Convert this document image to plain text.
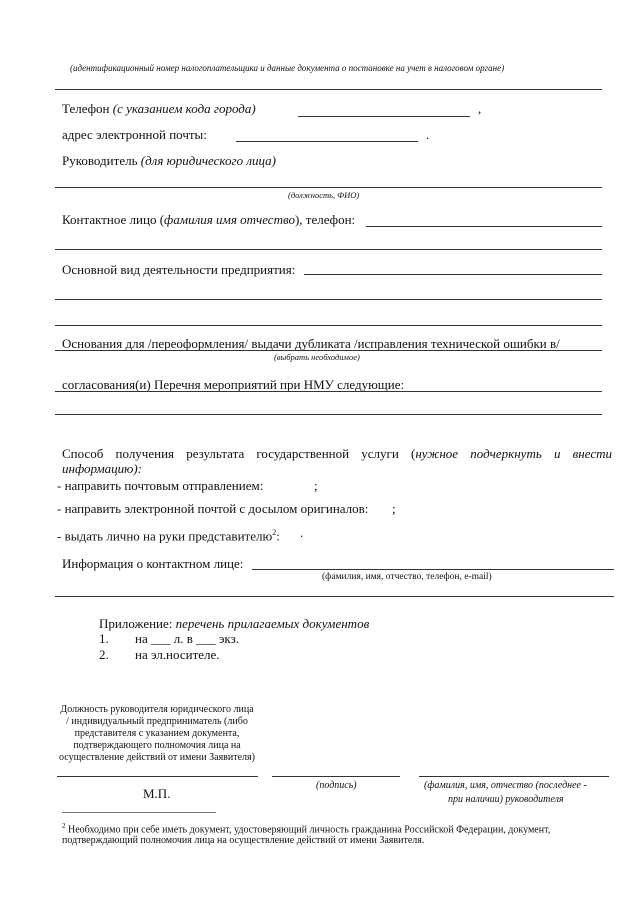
(идентификационный номер налогоплательщика и данные документа о постановке на учет в налоговом органе)
Телефон (с указанием кода города)	,
адрес электронной почты:	.
Руководитель (для юридического лица)
(должность, ФИО)
Контактное лицо (фамилия имя отчество), телефон:
Основной вид деятельности предприятия:
Основания для /переоформления/ выдачи дубликата /исправления технической ошибки в/
(выбрать необходимое)
согласования(и) Перечня мероприятий при НМУ следующие:
Способ получения результата государственной услуги (нужное подчеркнуть и внести
информацию):
- направить почтовым отправлением:	;
- направить электронной почтой с досылом оригиналов: ;
- выдать лично на руки представителю$^2$: .
Информация о контактном лице:
(фамилия, имя, отчество, телефон, e-mail)
Приложение: перечень прилагаемых документов
1. на ___ л. в ___ экз.
2. на эл.носителе.
Должность руководителя юридического лица / индивидуальный предприниматель (либо представителя с указанием документа, подтверждающего полномочия лица на осуществление действий от имени Заявителя)
М.П.
(подпись)	(фамилия, имя, отчество (последнее -
при наличии) руководителя
$^2$ Необходимо при себе иметь документ, удостоверяющий личность гражданина Российской Федерации, документ,
подтверждающий полномочия лица на осуществление действий от имени Заявителя.
